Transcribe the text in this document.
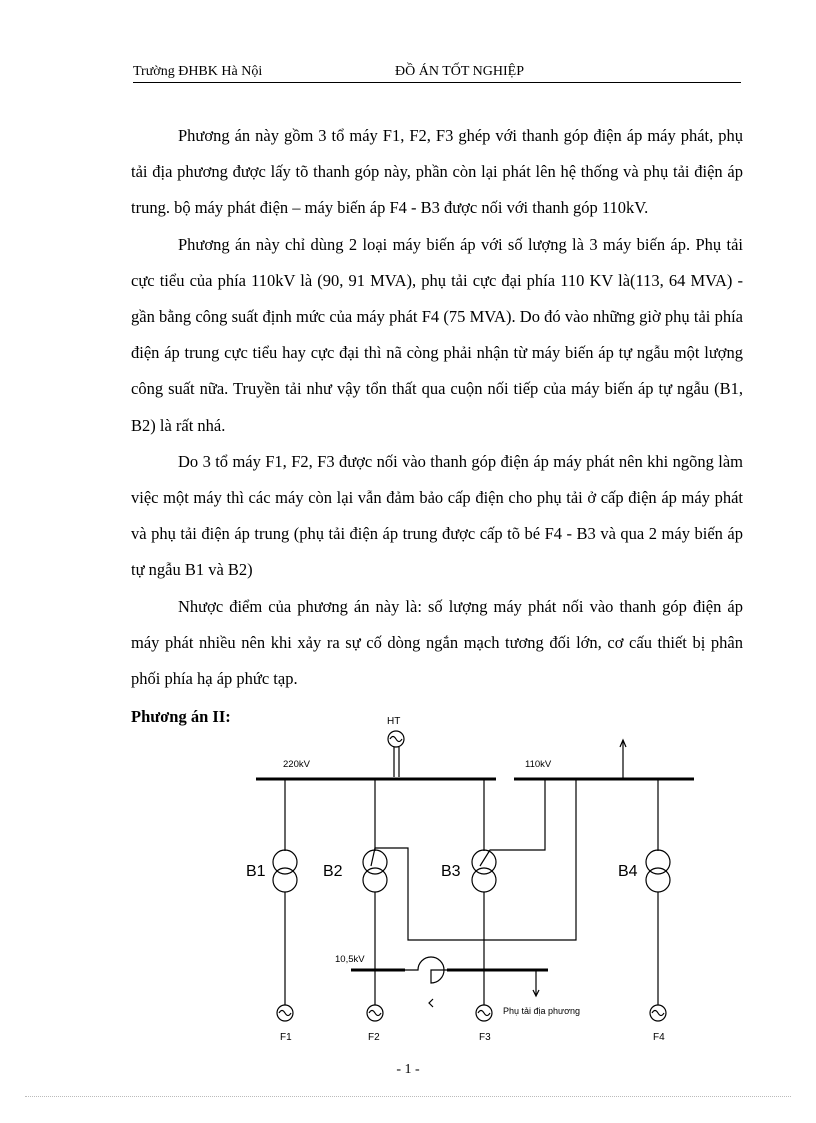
Trường ĐHBK Hà Nội	ĐỒ ÁN TỐT NGHIỆP

Phương án này gồm 3 tổ máy F1, F2, F3 ghép với thanh góp điện áp máy phát, phụ tải địa phương được lấy tõ thanh góp này, phần còn lại phát lên hệ thống và phụ tải điện áp trung. bộ máy phát điện – máy biến áp F4 - B3 được nối với thanh góp 110kV.

Phương án này chỉ dùng 2 loại máy biến áp với số lượng là 3 máy biến áp. Phụ tải cực tiểu của phía 110kV là (90, 91 MVA), phụ tải cực đại phía 110 KV là(113, 64 MVA) - gần bằng công suất định mức của máy phát F4 (75 MVA). Do đó vào những giờ phụ tải phía điện áp trung cực tiểu hay cực đại thì nã còng phải nhận từ máy biến áp tự ngẫu một lượng công suất nữa. Truyền tải như vậy tổn thất qua cuộn nối tiếp của máy biến áp tự ngẫu (B1, B2) là rất nhá.

Do 3 tổ máy F1, F2, F3 được nối vào thanh góp điện áp máy phát nên khi ngõng làm việc một máy thì các máy còn lại vẫn đảm bảo cấp điện cho phụ tải ở cấp điện áp máy phát và phụ tải điện áp trung (phụ tải điện áp trung được cấp tõ bé F4 - B3 và qua 2 máy biến áp tự ngẫu B1 và B2)

Nhược điểm của phương án này là: số lượng máy phát nối vào thanh góp điện áp máy phát nhiều nên khi xảy ra sự cố dòng ngắn mạch tương đối lớn, cơ cấu thiết bị phân phối phía hạ áp phức tạp.

Phương án II:	HT
220kV	110kV
B1
F1
B2
F2
B3
F3
B4
F4
10,5kV
Phụ tải địa phương
- 1 -
